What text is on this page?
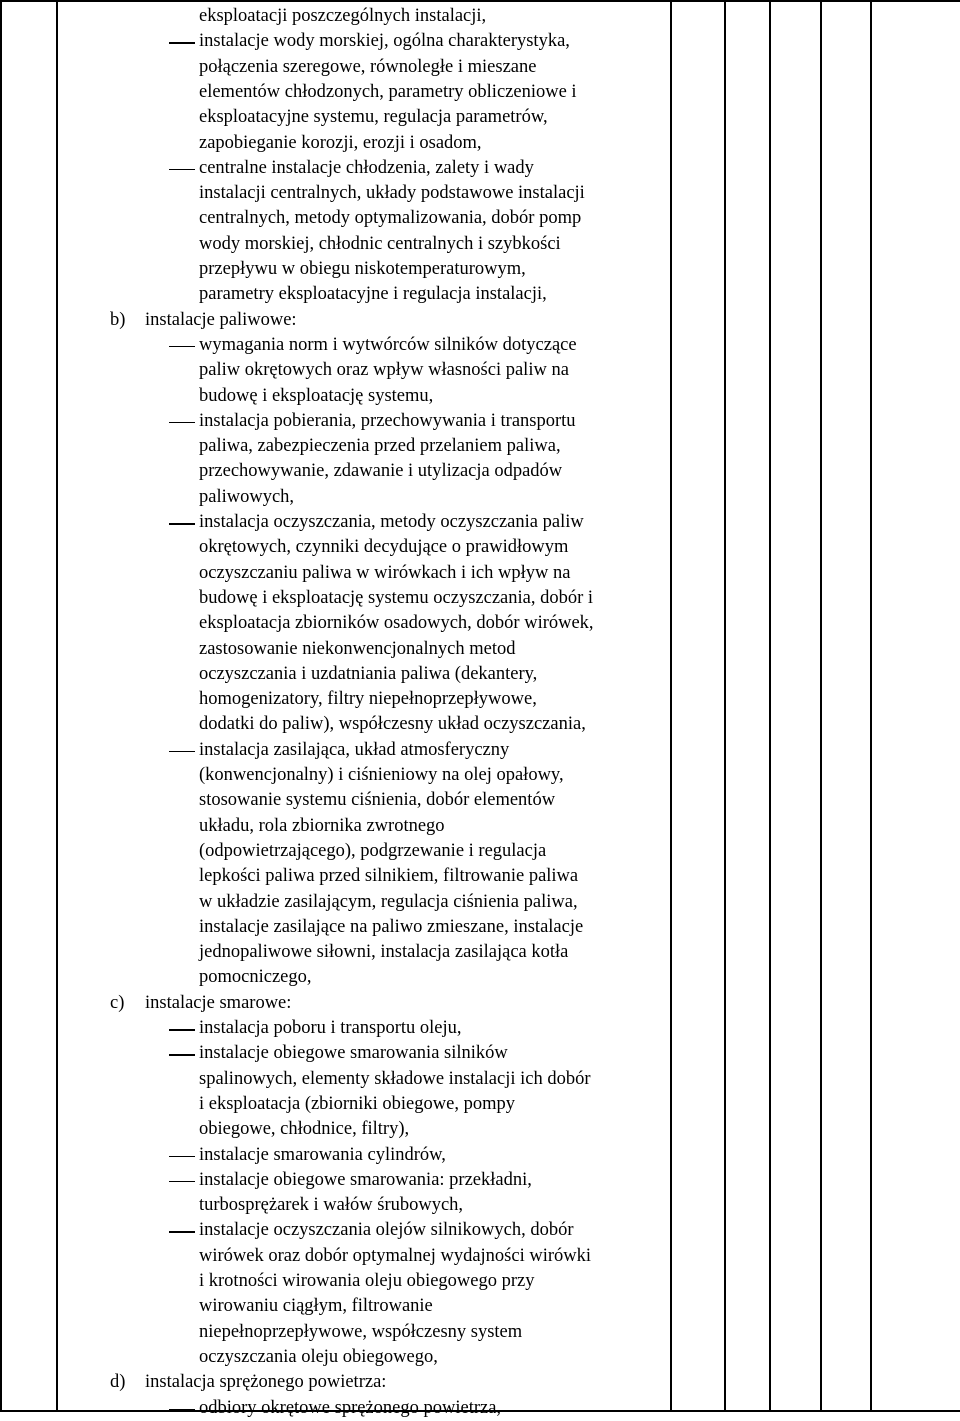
eksploatacji poszczególnych instalacji,
instalacje wody morskiej, ogólna charakterystyka,
połączenia szeregowe, równoległe i mieszane
elementów chłodzonych, parametry obliczeniowe i
eksploatacyjne systemu, regulacja parametrów,
zapobieganie korozji, erozji i osadom,
centralne instalacje chłodzenia, zalety i wady
instalacji centralnych, układy podstawowe instalacji
centralnych, metody optymalizowania, dobór pomp
wody morskiej, chłodnic centralnych i szybkości
przepływu w obiegu niskotemperaturowym,
parametry eksploatacyjne i regulacja instalacji,
b) instalacje paliwowe:
wymagania norm i wytwórców silników dotyczące
paliw okrętowych oraz wpływ własności paliw na
budowę i eksploatację systemu,
instalacja pobierania, przechowywania i transportu
paliwa, zabezpieczenia przed przelaniem paliwa,
przechowywanie, zdawanie i utylizacja odpadów
paliwowych,
instalacja oczyszczania, metody oczyszczania paliw
okrętowych, czynniki decydujące o prawidłowym
oczyszczaniu paliwa w wirówkach i ich wpływ na
budowę i eksploatację systemu oczyszczania, dobór i
eksploatacja zbiorników osadowych, dobór wirówek,
zastosowanie niekonwencjonalnych metod
oczyszczania i uzdatniania paliwa (dekantery,
homogenizatory, filtry niepełnoprzepływowe,
dodatki do paliw), współczesny układ oczyszczania,
instalacja zasilająca, układ atmosferyczny
(konwencjonalny) i ciśnieniowy na olej opałowy,
stosowanie systemu ciśnienia, dobór elementów
układu, rola zbiornika zwrotnego
(odpowietrzającego), podgrzewanie i regulacja
lepkości paliwa przed silnikiem, filtrowanie paliwa
w układzie zasilającym, regulacja ciśnienia paliwa,
instalacje zasilające na paliwo zmieszane, instalacje
jednopaliwowe siłowni, instalacja zasilająca kotła
pomocniczego,
c) instalacje smarowe:
instalacja poboru i transportu oleju,
instalacje obiegowe smarowania silników
spalinowych, elementy składowe instalacji ich dobór
i eksploatacja (zbiorniki obiegowe, pompy
obiegowe, chłodnice, filtry),
instalacje smarowania cylindrów,
instalacje obiegowe smarowania: przekładni,
turbosprężarek i wałów śrubowych,
instalacje oczyszczania olejów silnikowych, dobór
wirówek oraz dobór optymalnej wydajności wirówki
i krotności wirowania oleju obiegowego przy
wirowaniu ciągłym, filtrowanie
niepełnoprzepływowe, współczesny system
oczyszczania oleju obiegowego,
d) instalacja sprężonego powietrza:
odbiory okrętowe sprężonego powietrza,
